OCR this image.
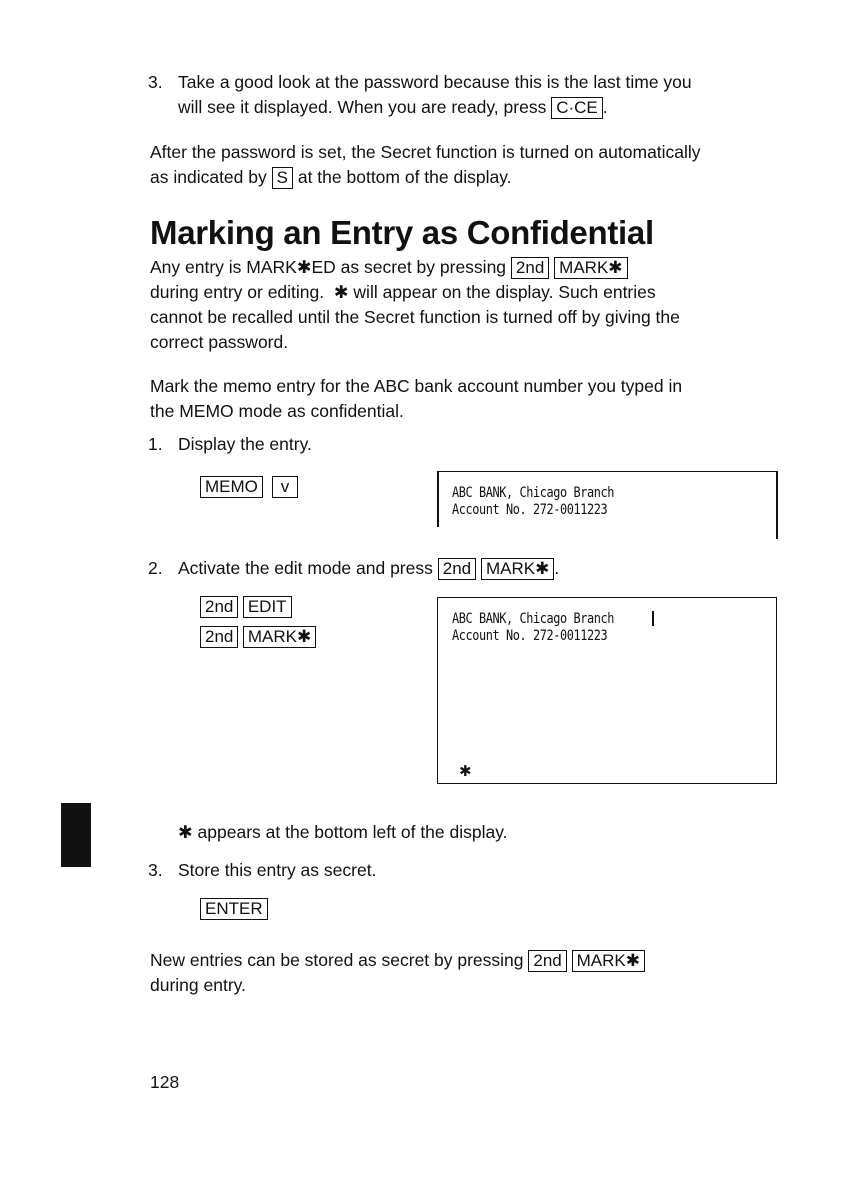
3. Take a good look at the password because this is the last time you
will see it displayed. When you are ready, press C·CE .
After the password is set, the Secret function is turned on automatically
as indicated by S at the bottom of the display.
Marking an Entry as Confidential
Any entry is MARK✱ED as secret by pressing 2nd MARK✱
during entry or editing. ✱ will appear on the display. Such entries
cannot be recalled until the Secret function is turned off by giving the
correct password.
Mark the memo entry for the ABC bank account number you typed in
the MEMO mode as confidential.
1. Display the entry.
MEMO v	ABC BANK, Chicago Branch
Account No. 272-0011223
2. Activate the edit mode and press 2nd MARK✱ .
2nd EDIT
2nd MARK✱
ABC BANK, Chicago Branch
Account No. 272-0011223
✱
✱ appears at the bottom left of the display.
3. Store this entry as secret.
ENTER
New entries can be stored as secret by pressing 2nd MARK✱
during entry.
128
